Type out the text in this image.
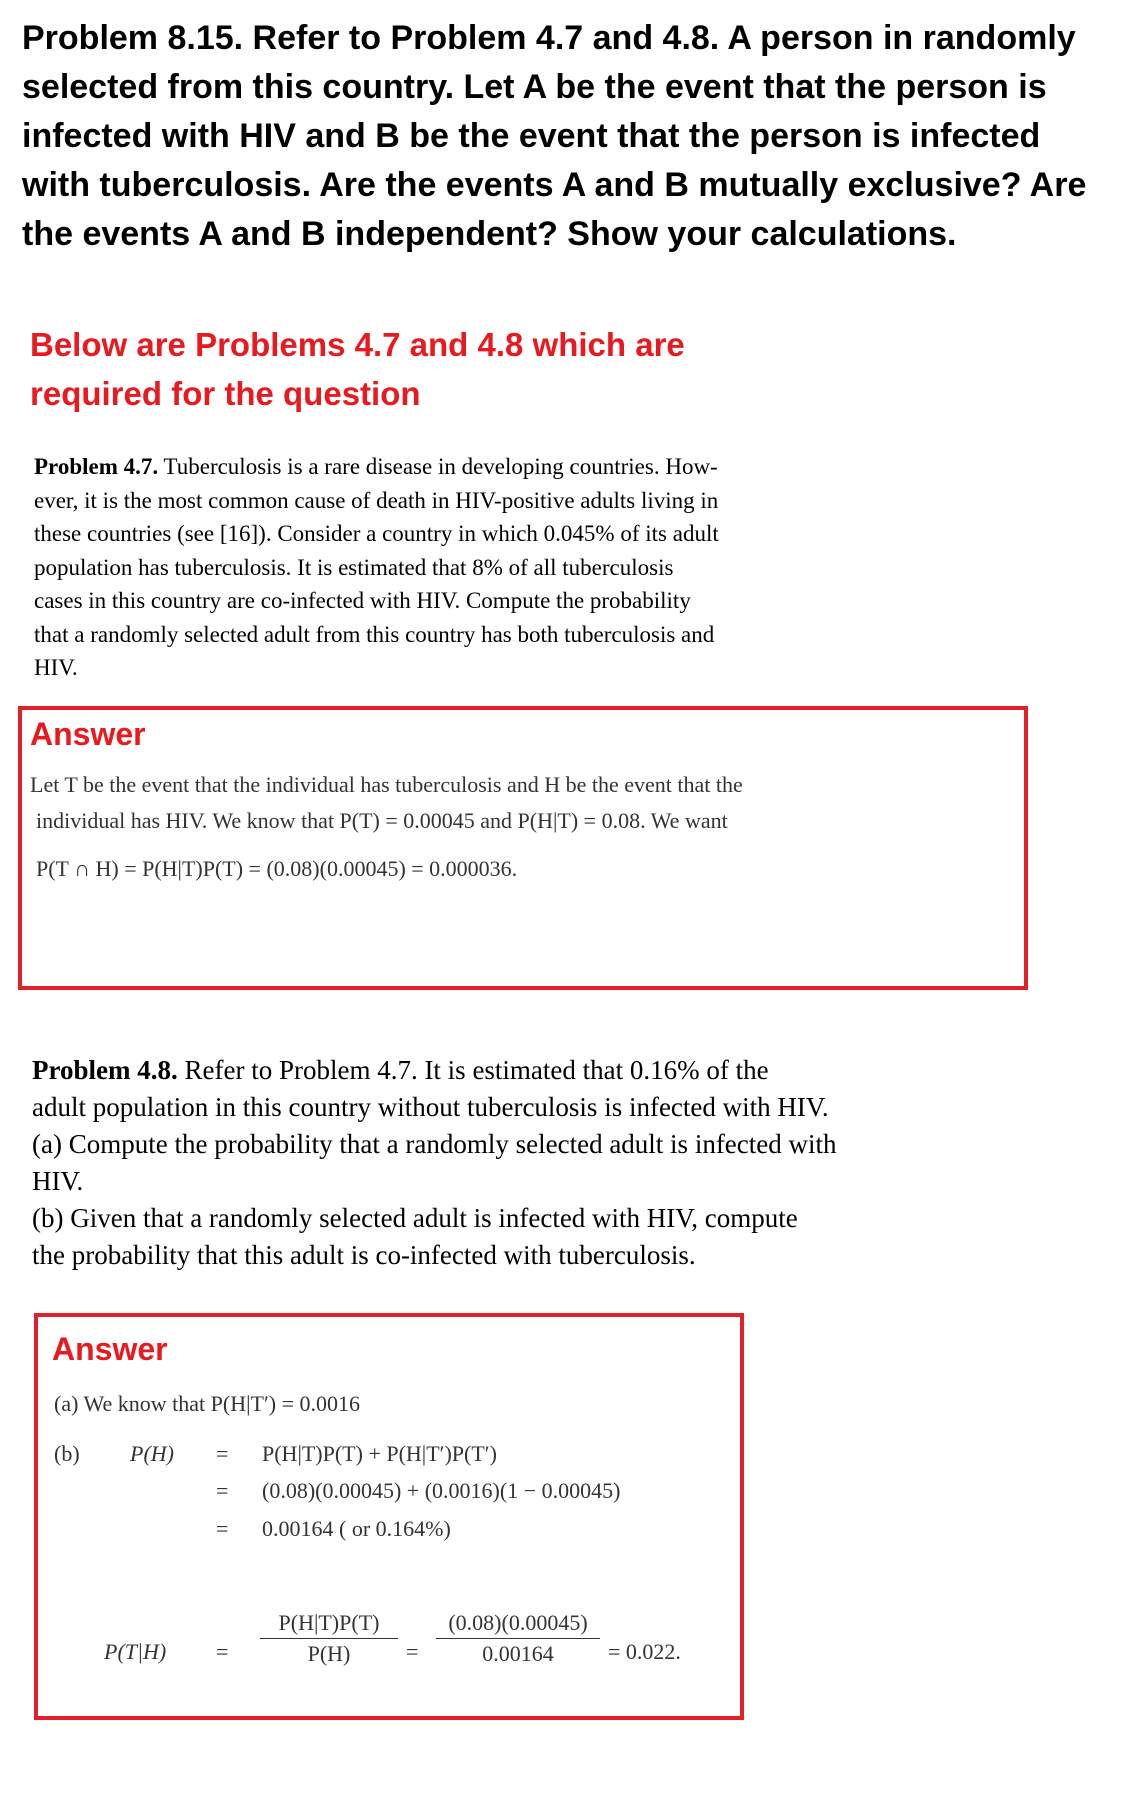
Problem 8.15. Refer to Problem 4.7 and 4.8. A person in randomly
selected from this country. Let A be the event that the person is
infected with HIV and B be the event that the person is infected
with tuberculosis. Are the events A and B mutually exclusive? Are
the events A and B independent? Show your calculations.
Below are Problems 4.7 and 4.8 which are
required for the question
Problem 4.7. Tuberculosis is a rare disease in developing countries. How-
ever, it is the most common cause of death in HIV-positive adults living in
these countries (see [16]). Consider a country in which 0.045% of its adult
population has tuberculosis. It is estimated that 8% of all tuberculosis
cases in this country are co-infected with HIV. Compute the probability
that a randomly selected adult from this country has both tuberculosis and
HIV.
Answer
Let T be the event that the individual has tuberculosis and H be the event that the
individual has HIV. We know that P(T) = 0.00045 and P(H|T) = 0.08. We want
P(T ∩ H) = P(H|T)P(T) = (0.08)(0.00045) = 0.000036.
Problem 4.8. Refer to Problem 4.7. It is estimated that 0.16% of the
adult population in this country without tuberculosis is infected with HIV.
(a) Compute the probability that a randomly selected adult is infected with
HIV.
(b) Given that a randomly selected adult is infected with HIV, compute
the probability that this adult is co-infected with tuberculosis.
Answer
(a) We know that P(H|T′) = 0.0016
(b) P(H) = P(H|T)P(T) + P(H|T′)P(T′)
= (0.08)(0.00045) + (0.0016)(1 − 0.00045)
= 0.00164 ( or 0.164%)
P(T|H) =
P(H|T)P(T)
P(H)	=
(0.08)(0.00045)
0.00164	= 0.022.
